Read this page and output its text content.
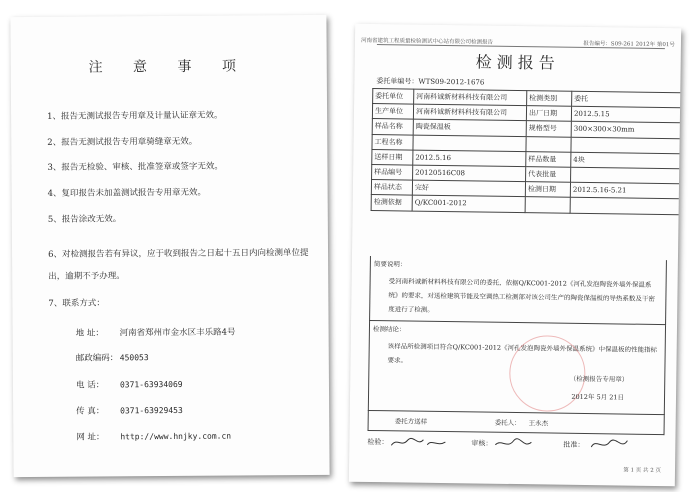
注 意 事 项
1、报告无测试报告专用章及计量认证章无效。
2、报告无测试报告专用章骑缝章无效。
3、报告无检验、审核、批准签章或签字无效。
4、复印报告未加盖测试报告专用章无效。
5、报告涂改无效。
6、对检测报告若有异议，应于收到报告之日起十五日内向检测单位提出，逾期不予办理。
7、联系方式：
地 址： 河南省郑州市金水区丰乐路4号
邮政编码：450053
电 话： 0371-63934069
传 真： 0371-63929453
网 址： http://www.hnjky.com.cn
河南省建筑工程质量检验测试中心站有限公司检测报告	报告编号：S09-261 2012年 第01号
检测报告
委托单编号：WTS09-2012-1676
委托单位	河南科诚新材料科技有限公司	检测类别	委托
生产单位	河南科诚新材料科技有限公司	出厂日期	2012.5.15
样品名称	陶瓷保温板	规格型号	300×300×30mm
工程名称			
送样日期	2012.5.16	样品数量	4块
样品编号	20120516C08	代表批量	
样品状态	完好	检测日期	2012.5.16-5.21
检测依据	Q/KC001-2012		
简要说明：
受河南科诚新材料科技有限公司的委托，依据Q/KC001-2012《河孔发泡陶瓷外墙外保温系统》的要求，对送检建筑节能及空调热工检测部对该公司生产的陶瓷保温板的导热系数及干密度进行了检测。
检测结论：
该样品所检测项目符合Q/KC001-2012《河孔发泡陶瓷外墙外保温系统》中保温板的性能指标要求。
（检测报告专用章）
2012年 5月 21日
委托方送样	委托人： 王永杰
检验：	审核：	批准：
第 1 页 共 2 页
